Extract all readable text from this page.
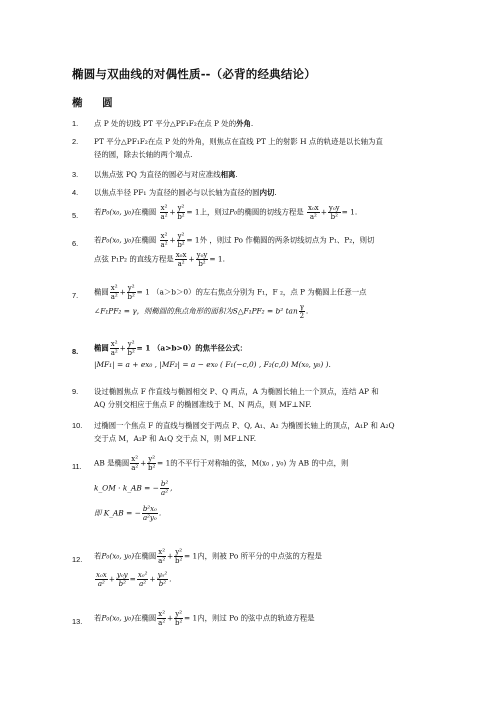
椭圆与双曲线的对偶性质--（必背的经典结论）
椭 圆
1.	点 P 处的切线 PT 平分△PF₁F₂在点 P 处的外角.
2.	PT 平分△PF₁F₂在点 P 处的外角，则焦点在直线 PT 上的射影 H 点的轨迹是以长轴为直
径的圆，除去长轴的两个端点.
3.	以焦点弦 PQ 为直径的圆必与对应准线相离.
4.	以焦点半径 PF₁ 为直径的圆必与以长轴为直径的圆内切.
5.	若P₀(x₀, y₀)在椭圆 $\frac{\text{x²}}{\text{a²}} + \frac{\text{y²}}{\text{b²}} = 1$上，则过P₀的椭圆的切线方程是 $\frac{\text{x₀x}}{\text{a²}} + \frac{\text{y₀y}}{\text{b²}} = 1$.
6.	若P₀(x₀, y₀)在椭圆 $\frac{\text{x²}}{\text{a²}} + \frac{\text{y²}}{\text{b²}} = 1$外 ，则过 Po 作椭圆的两条切线切点为 P₁、P₂，则切
点弦 P₁P₂ 的直线方程是 $\frac{\text{x₀x}}{\text{a²}} + \frac{\text{y₀y}}{\text{b²}} = 1$.
7.	椭圆 $\frac{\text{x²}}{\text{a²}} + \frac{\text{y²}}{\text{b²}} = 1$ （a＞b＞0）的左右焦点分别为 F₁，F ₂，点 P 为椭圆上任意一点
∠F₁PF₂ = γ，则椭圆的焦点角形的面积为S△F₁PF₂ = b² $\tan \frac{\gamma}{2}$ .
8.	椭圆 $\frac{\text{x²}}{\text{a²}} + \frac{\text{y²}}{\text{b²}} = 1$ （a>b>0）的焦半径公式：
|MF₁| = a + ex₀ , |MF₂| = a − ex₀ ( F₁(−c,0) , F₂(c,0) M(x₀, y₀) ).
9.	设过椭圆焦点 F 作直线与椭圆相交 P、Q 两点，A 为椭圆长轴上一个顶点，连结 AP 和
AQ 分别交相应于焦点 F 的椭圆准线于 M、N 两点，则 MF⊥NF.
10.	过椭圆一个焦点 F 的直线与椭圆交于两点 P、Q, A₁、A₂ 为椭圆长轴上的顶点，A₁P 和 A₂Q
交于点 M，A₂P 和 A₁Q 交于点 N，则 MF⊥NF.
11.	AB 是椭圆 $\frac{\text{x²}}{\text{a²}} + \frac{\text{y²}}{\text{b²}} = 1$的不平行于对称轴的弦，M(x₀ , y₀) 为 AB 的中点，则
k_OM · k_AB = − $\frac{\text{b²}}{\text{a²}}$ ,
即 K_AB = − $\frac{\text{b²x₀}}{\text{a²y₀}}$ .
12.	若P₀(x₀, y₀)在椭圆 $\frac{\text{x²}}{\text{a²}} + \frac{\text{y²}}{\text{b²}} = 1$内，则被 Po 所平分的中点弦的方程是
$\frac{\text{x₀x}}{\text{a²}} + \frac{\text{y₀y}}{\text{b²}} = \frac{\text{x₀²}}{\text{a²}} + \frac{\text{y₀²}}{\text{b²}}$ .
13.	若P₀(x₀, y₀)在椭圆 $\frac{\text{x²}}{\text{a²}} + \frac{\text{y²}}{\text{b²}} = 1$内，则过 Po 的弦中点的轨迹方程是
